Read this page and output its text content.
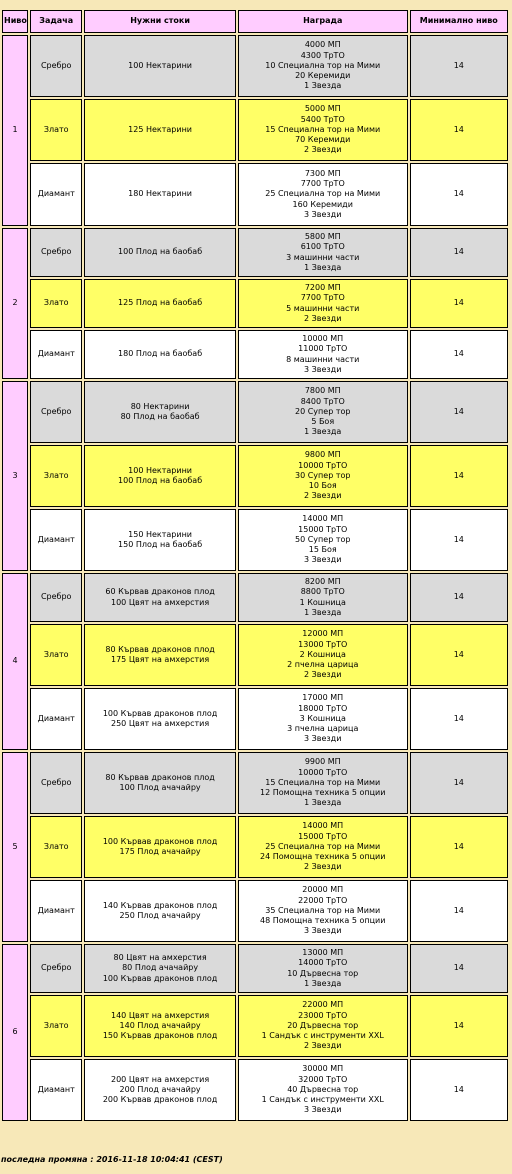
Ниво	Задача	Нужни стоки	Награда	Минимално ниво
1	Сребро	100 Нектарини	4000 МП
4300 ТрТО
10 Специална тор на Мими
20 Керемиди
1 Звезда	14
	Злато	125 Нектарини	5000 МП
5400 ТрТО
15 Специална тор на Мими
70 Керемиди
2 Звезди	14
	Диамант	180 Нектарини	7300 МП
7700 ТрТО
25 Специална тор на Мими
160 Керемиди
3 Звезди	14
2	Сребро	100 Плод на баобаб	5800 МП
6100 ТрТО
3 машинни части
1 Звезда	14
	Злато	125 Плод на баобаб	7200 МП
7700 ТрТО
5 машинни части
2 Звезди	14
	Диамант	180 Плод на баобаб	10000 МП
11000 ТрТО
8 машинни части
3 Звезди	14
3	Сребро	80 Нектарини
80 Плод на баобаб	7800 МП
8400 ТрТО
20 Супер тор
5 Боя
1 Звезда	14
	Злато	100 Нектарини
100 Плод на баобаб	9800 МП
10000 ТрТО
30 Супер тор
10 Боя
2 Звезди	14
	Диамант	150 Нектарини
150 Плод на баобаб	14000 МП
15000 ТрТО
50 Супер тор
15 Боя
3 Звезди	14
4	Сребро	60 Кървав драконов плод
100 Цвят на амхерстия	8200 МП
8800 ТрТО
1 Кошница
1 Звезда	14
	Злато	80 Кървав драконов плод
175 Цвят на амхерстия	12000 МП
13000 ТрТО
2 Кошница
2 пчелна царица
2 Звезди	14
	Диамант	100 Кървав драконов плод
250 Цвят на амхерстия	17000 МП
18000 ТрТО
3 Кошница
3 пчелна царица
3 Звезди	14
5	Сребро	80 Кървав драконов плод
100 Плод ачачайру	9900 МП
10000 ТрТО
15 Специална тор на Мими
12 Помощна техника 5 опции
1 Звезда	14
	Злато	100 Кървав драконов плод
175 Плод ачачайру	14000 МП
15000 ТрТО
25 Специална тор на Мими
24 Помощна техника 5 опции
2 Звезди	14
	Диамант	140 Кървав драконов плод
250 Плод ачачайру	20000 МП
22000 ТрТО
35 Специална тор на Мими
48 Помощна техника 5 опции
3 Звезди	14
6	Сребро	80 Цвят на амхерстия
80 Плод ачачайру
100 Кървав драконов плод	13000 МП
14000 ТрТО
10 Дървесна тор
1 Звезда	14
	Злато	140 Цвят на амхерстия
140 Плод ачачайру
150 Кървав драконов плод	22000 МП
23000 ТрТО
20 Дървесна тор
1 Сандък с инструменти XXL
2 Звезди	14
	Диамант	200 Цвят на амхерстия
200 Плод ачачайру
200 Кървав драконов плод	30000 МП
32000 ТрТО
40 Дървесна тор
1 Сандък с инструменти XXL
3 Звезди	14
последна промяна : 2016-11-18 10:04:41 (CEST)
